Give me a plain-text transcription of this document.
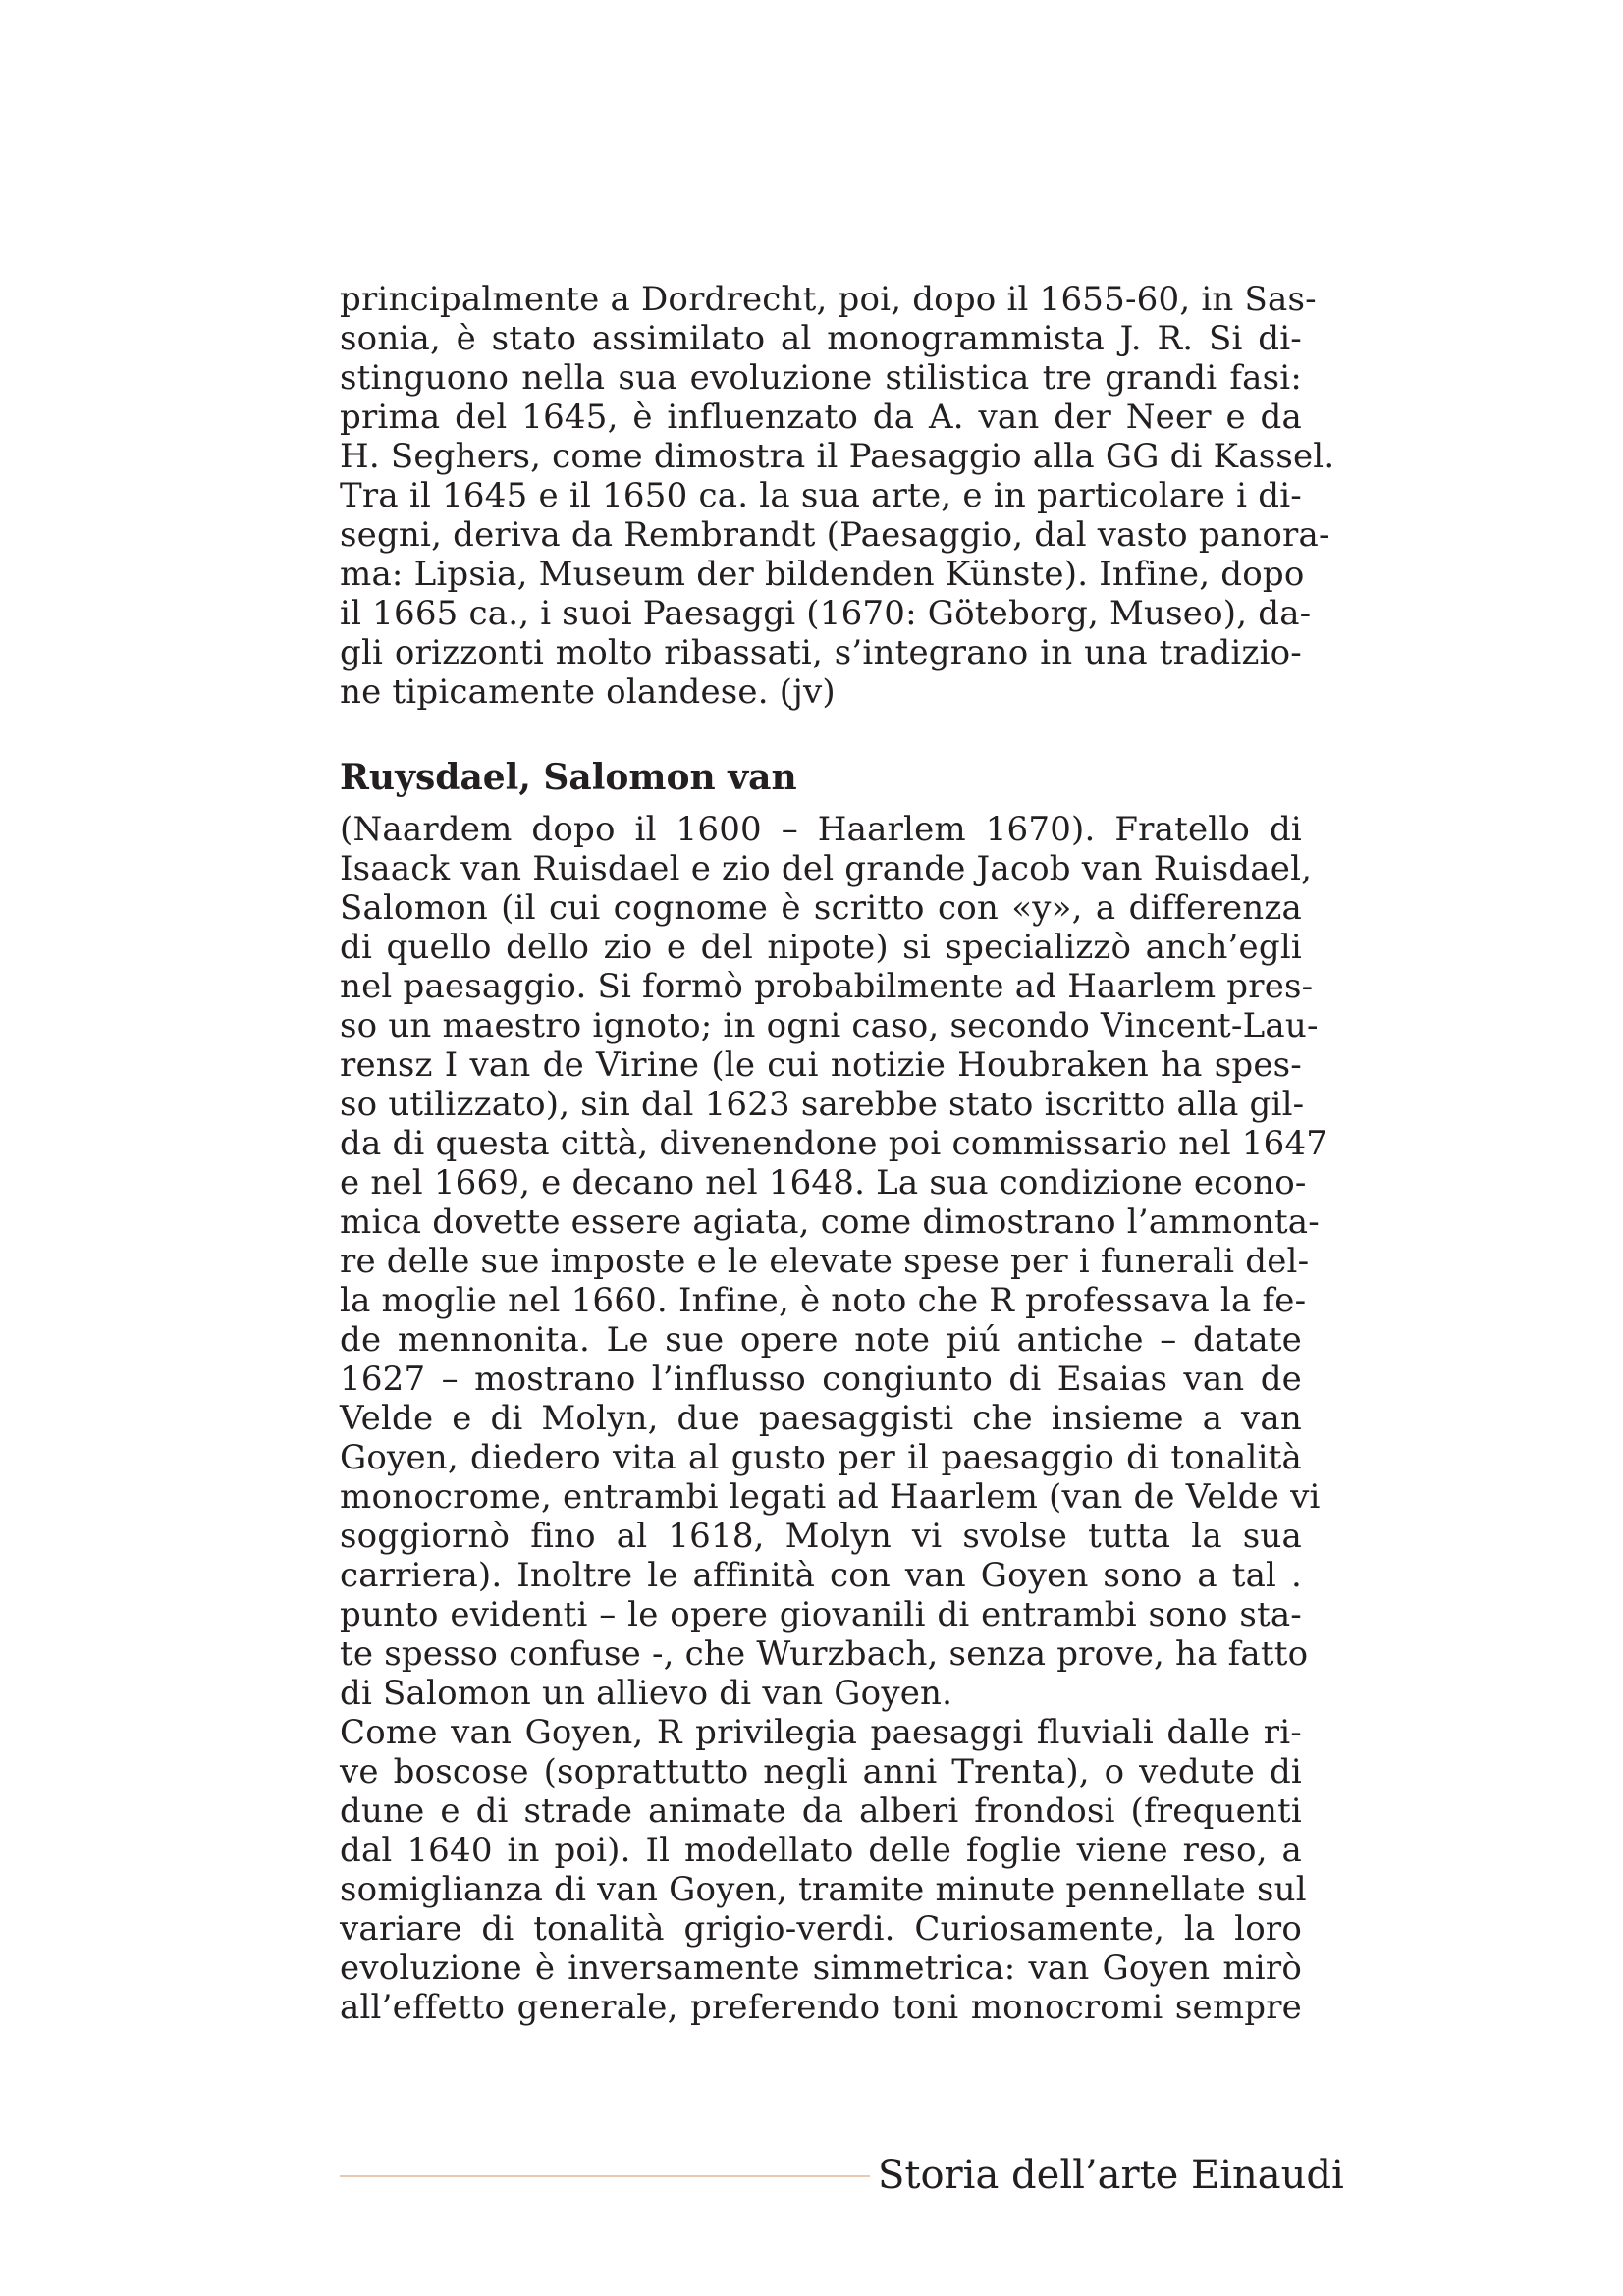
principalmente a Dordrecht, poi, dopo il 1655-60, in Sas-
sonia, è stato assimilato al monogrammista J. R. Si di-
stinguono nella sua evoluzione stilistica tre grandi fasi:
prima del 1645, è influenzato da A. van der Neer e da
H. Seghers, come dimostra il Paesaggio alla GG di Kassel.
Tra il 1645 e il 1650 ca. la sua arte, e in particolare i di-
segni, deriva da Rembrandt (Paesaggio, dal vasto panora-
ma: Lipsia, Museum der bildenden Künste). Infine, dopo
il 1665 ca., i suoi Paesaggi (1670: Göteborg, Museo), da-
gli orizzonti molto ribassati, s’integrano in una tradizio-
ne tipicamente olandese. (jv)
Ruysdael, Salomon van
(Naardem dopo il 1600 – Haarlem 1670). Fratello di
Isaack van Ruisdael e zio del grande Jacob van Ruisdael,
Salomon (il cui cognome è scritto con «y», a differenza
di quello dello zio e del nipote) si specializzò anch’egli
nel paesaggio. Si formò probabilmente ad Haarlem pres-
so un maestro ignoto; in ogni caso, secondo Vincent-Lau-
rensz I van de Virine (le cui notizie Houbraken ha spes-
so utilizzato), sin dal 1623 sarebbe stato iscritto alla gil-
da di questa città, divenendone poi commissario nel 1647
e nel 1669, e decano nel 1648. La sua condizione econo-
mica dovette essere agiata, come dimostrano l’ammonta-
re delle sue imposte e le elevate spese per i funerali del-
la moglie nel 1660. Infine, è noto che R professava la fe-
de mennonita. Le sue opere note piú antiche – datate
1627 – mostrano l’influsso congiunto di Esaias van de
Velde e di Molyn, due paesaggisti che insieme a van
Goyen, diedero vita al gusto per il paesaggio di tonalità
monocrome, entrambi legati ad Haarlem (van de Velde vi
soggiornò fino al 1618, Molyn vi svolse tutta la sua
carriera). Inoltre le affinità con van Goyen sono a tal .
punto evidenti – le opere giovanili di entrambi sono sta-
te spesso confuse -, che Wurzbach, senza prove, ha fatto
di Salomon un allievo di van Goyen.
Come van Goyen, R privilegia paesaggi fluviali dalle ri-
ve boscose (soprattutto negli anni Trenta), o vedute di
dune e di strade animate da alberi frondosi (frequenti
dal 1640 in poi). Il modellato delle foglie viene reso, a
somiglianza di van Goyen, tramite minute pennellate sul
variare di tonalità grigio-verdi. Curiosamente, la loro
evoluzione è inversamente simmetrica: van Goyen mirò
all’effetto generale, preferendo toni monocromi sempre
Storia dell’arte Einaudi
